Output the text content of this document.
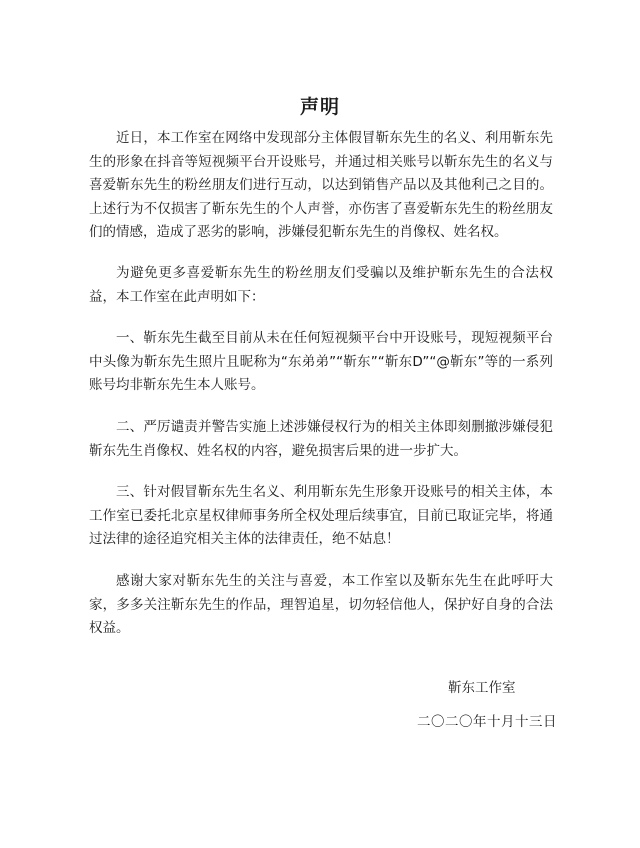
声明

近日，本工作室在网络中发现部分主体假冒靳东先生的名义、利用靳东先生的形象在抖音等短视频平台开设账号，并通过相关账号以靳东先生的名义与喜爱靳东先生的粉丝朋友们进行互动，以达到销售产品以及其他利己之目的。上述行为不仅损害了靳东先生的个人声誉，亦伤害了喜爱靳东先生的粉丝朋友们的情感，造成了恶劣的影响，涉嫌侵犯靳东先生的肖像权、姓名权。

为避免更多喜爱靳东先生的粉丝朋友们受骗以及维护靳东先生的合法权益，本工作室在此声明如下：

一、靳东先生截至目前从未在任何短视频平台中开设账号，现短视频平台中头像为靳东先生照片且昵称为“东弟弟”“靳东”“靳东D”“@靳东”等的一系列账号均非靳东先生本人账号。

二、严厉谴责并警告实施上述涉嫌侵权行为的相关主体即刻删撤涉嫌侵犯靳东先生肖像权、姓名权的内容，避免损害后果的进一步扩大。

三、针对假冒靳东先生名义、利用靳东先生形象开设账号的相关主体，本工作室已委托北京星权律师事务所全权处理后续事宜，目前已取证完毕，将通过法律的途径追究相关主体的法律责任，绝不姑息！

感谢大家对靳东先生的关注与喜爱，本工作室以及靳东先生在此呼吁大家，多多关注靳东先生的作品，理智追星，切勿轻信他人，保护好自身的合法权益。

靳东工作室

二〇二〇年十月十三日
